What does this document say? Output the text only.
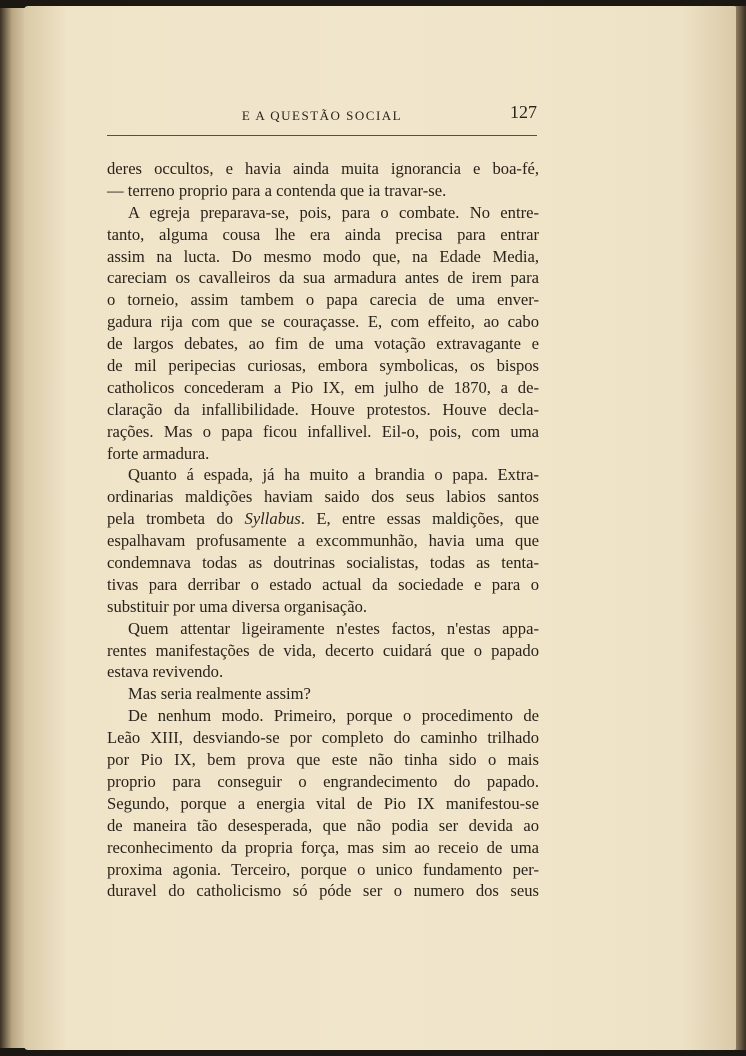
E A QUESTÃO SOCIAL	127
deres occultos, e havia ainda muita ignorancia e boa-fé,
— terreno proprio para a contenda que ia travar-se.
A egreja preparava-se, pois, para o combate. No entre-
tanto, alguma cousa lhe era ainda precisa para entrar
assim na lucta. Do mesmo modo que, na Edade Media,
careciam os cavalleiros da sua armadura antes de irem para
o torneio, assim tambem o papa carecia de uma enver-
gadura rija com que se couraçasse. E, com effeito, ao cabo
de largos debates, ao fim de uma votação extravagante e
de mil peripecias curiosas, embora symbolicas, os bispos
catholicos concederam a Pio IX, em julho de 1870, a de-
claração da infallibilidade. Houve protestos. Houve decla-
rações. Mas o papa ficou infallivel. Eil-o, pois, com uma
forte armadura.
Quanto á espada, já ha muito a brandia o papa. Extra-
ordinarias maldições haviam saido dos seus labios santos
pela trombeta do Syllabus. E, entre essas maldições, que
espalhavam profusamente a excommunhão, havia uma que
condemnava todas as doutrinas socialistas, todas as tenta-
tivas para derribar o estado actual da sociedade e para o
substituir por uma diversa organisação.
Quem attentar ligeiramente n'estes factos, n'estas appa-
rentes manifestações de vida, decerto cuidará que o papado
estava revivendo.
Mas seria realmente assim?
De nenhum modo. Primeiro, porque o procedimento de
Leão XIII, desviando-se por completo do caminho trilhado
por Pio IX, bem prova que este não tinha sido o mais
proprio para conseguir o engrandecimento do papado.
Segundo, porque a energia vital de Pio IX manifestou-se
de maneira tão desesperada, que não podia ser devida ao
reconhecimento da propria força, mas sim ao receio de uma
proxima agonia. Terceiro, porque o unico fundamento per-
duravel do catholicismo só póde ser o numero dos seus
